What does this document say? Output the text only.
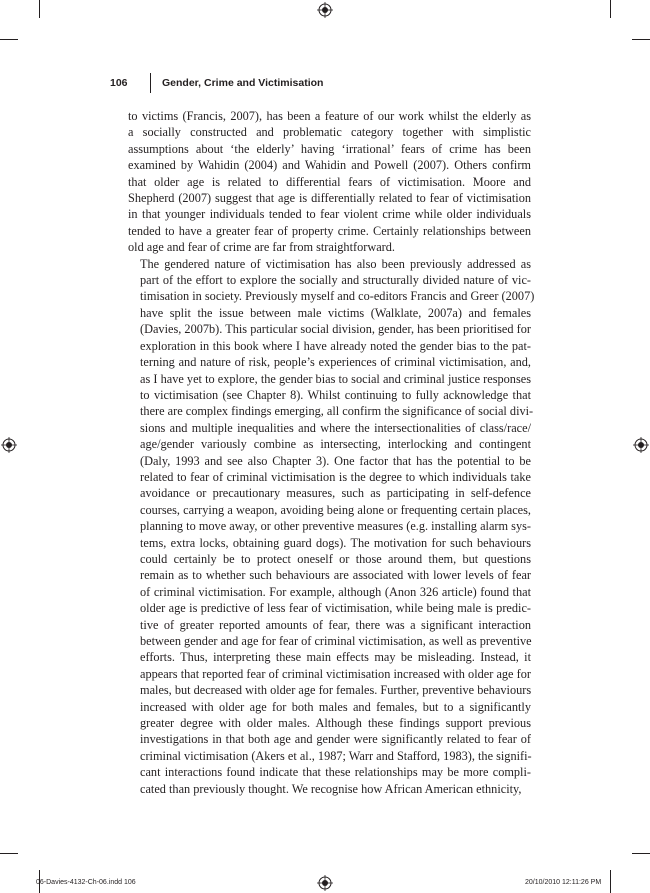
106	Gender, Crime and Victimisation

to victims (Francis, 2007), has been a feature of our work whilst the elderly as
a socially constructed and problematic category together with simplistic
assumptions about ‘the elderly’ having ‘irrational’ fears of crime has been
examined by Wahidin (2004) and Wahidin and Powell (2007). Others confirm
that older age is related to differential fears of victimisation. Moore and
Shepherd (2007) suggest that age is differentially related to fear of victimisation
in that younger individuals tended to fear violent crime while older individuals
tended to have a greater fear of property crime. Certainly relationships between
old age and fear of crime are far from straightforward.

The gendered nature of victimisation has also been previously addressed as
part of the effort to explore the socially and structurally divided nature of vic-
timisation in society. Previously myself and co-editors Francis and Greer (2007)
have split the issue between male victims (Walklate, 2007a) and females
(Davies, 2007b). This particular social division, gender, has been prioritised for
exploration in this book where I have already noted the gender bias to the pat-
terning and nature of risk, people’s experiences of criminal victimisation, and,
as I have yet to explore, the gender bias to social and criminal justice responses
to victimisation (see Chapter 8). Whilst continuing to fully acknowledge that
there are complex findings emerging, all confirm the significance of social divi-
sions and multiple inequalities and where the intersectionalities of class/race/
age/gender variously combine as intersecting, interlocking and contingent
(Daly, 1993 and see also Chapter 3). One factor that has the potential to be
related to fear of criminal victimisation is the degree to which individuals take
avoidance or precautionary measures, such as participating in self-defence
courses, carrying a weapon, avoiding being alone or frequenting certain places,
planning to move away, or other preventive measures (e.g. installing alarm sys-
tems, extra locks, obtaining guard dogs). The motivation for such behaviours
could certainly be to protect oneself or those around them, but questions
remain as to whether such behaviours are associated with lower levels of fear
of criminal victimisation. For example, although (Anon 326 article) found that
older age is predictive of less fear of victimisation, while being male is predic-
tive of greater reported amounts of fear, there was a significant interaction
between gender and age for fear of criminal victimisation, as well as preventive
efforts. Thus, interpreting these main effects may be misleading. Instead, it
appears that reported fear of criminal victimisation increased with older age for
males, but decreased with older age for females. Further, preventive behaviours
increased with older age for both males and females, but to a significantly
greater degree with older males. Although these findings support previous
investigations in that both age and gender were significantly related to fear of
criminal victimisation (Akers et al., 1987; Warr and Stafford, 1983), the signifi-
cant interactions found indicate that these relationships may be more compli-
cated than previously thought. We recognise how African American ethnicity,

06-Davies-4132-Ch-06.indd 106	20/10/2010 12:11:26 PM
